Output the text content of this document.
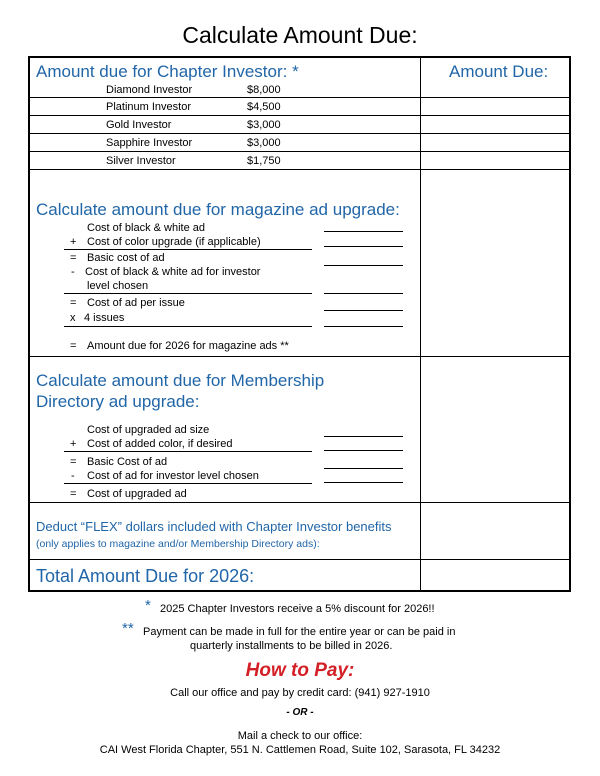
Calculate Amount Due:
Amount due for Chapter Investor: *	Amount Due:
Diamond Investor	$8,000
Platinum Investor	$4,500
Gold Investor	$3,000
Sapphire Investor	$3,000
Silver Investor	$1,750
Calculate amount due for magazine ad upgrade:
Cost of black & white ad
+ Cost of color upgrade (if applicable)
= Basic cost of ad
- Cost of black & white ad for investor
level chosen
= Cost of ad per issue
x 4 issues
= Amount due for 2026 for magazine ads **
Calculate amount due for Membership
Directory ad upgrade:
Cost of upgraded ad size
+ Cost of added color, if desired
= Basic Cost of ad
- Cost of ad for investor level chosen
= Cost of upgraded ad
Deduct “FLEX” dollars included with Chapter Investor benefits
(only applies to magazine and/or Membership Directory ads):
Total Amount Due for 2026:
* 2025 Chapter Investors receive a 5% discount for 2026!!
** Payment can be made in full for the entire year or can be paid in
quarterly installments to be billed in 2026.
How to Pay:
Call our office and pay by credit card: (941) 927-1910
- OR -
Mail a check to our office:
CAI West Florida Chapter, 551 N. Cattlemen Road, Suite 102, Sarasota, FL 34232
